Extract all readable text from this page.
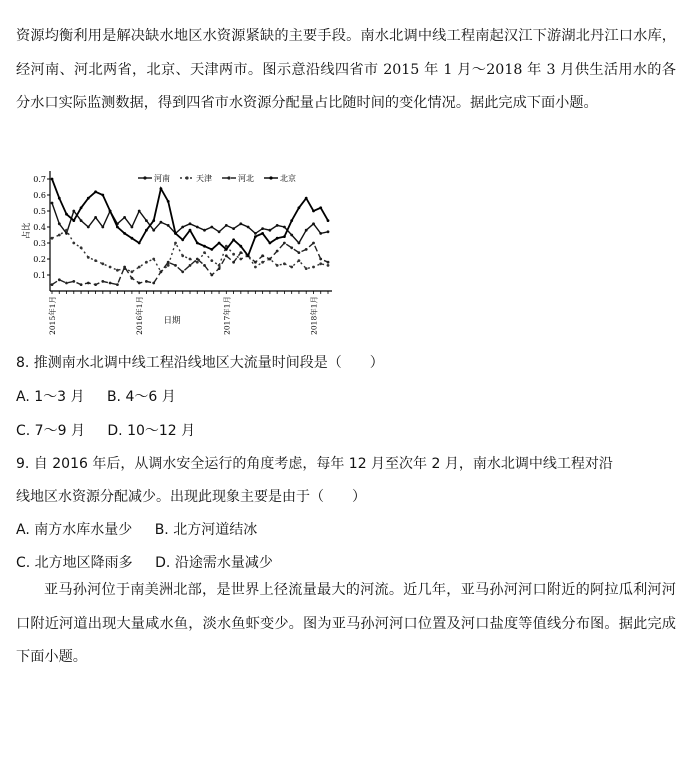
资源均衡利用是解决缺水地区水资源紧缺的主要手段。南水北调中线工程南起汉江下游湖北丹江口水库，经河南、河北两省，北京、天津两市。图示意沿线四省市 2015 年 1 月～2018 年 3 月供生活用水的各分水口实际监测数据，得到四省市水资源分配量占比随时间的变化情况。据此完成下面小题。
0.1
0.2
0.3
0.4
0.5
0.6
0.7
2015年1月	2016年1月	2017年1月	2018年1月
占比
日期
河南	天津	河北	北京
8. 推测南水北调中线工程沿线地区大流量时间段是（　　）
A. 1～3 月 B. 4～6 月
C. 7～9 月 D. 10～12 月
9. 自 2016 年后，从调水安全运行的角度考虑，每年 12 月至次年 2 月，南水北调中线工程对沿
线地区水资源分配减少。出现此现象主要是由于（　　）
A. 南方水库水量少 B. 北方河道结冰
C. 北方地区降雨多 D. 沿途需水量减少
亚马孙河位于南美洲北部，是世界上径流量最大的河流。近几年，亚马孙河河口附近的阿拉瓜利河河口附近河道出现大量咸水鱼，淡水鱼虾变少。图为亚马孙河河口位置及河口盐度等值线分布图。据此完成下面小题。
